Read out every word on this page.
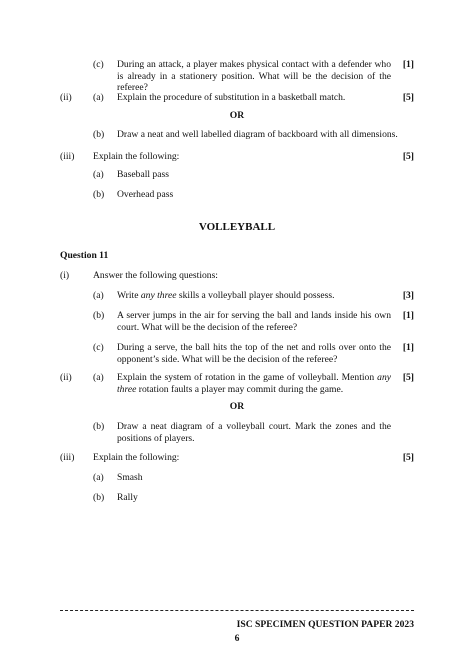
(c) During an attack, a player makes physical contact with a defender who is already in a stationery position. What will be the decision of the referee?
[1]
(ii) (a) Explain the procedure of substitution in a basketball match.	[5]
OR
(b) Draw a neat and well labelled diagram of backboard with all dimensions.
(iii) Explain the following:	[5]
(a) Baseball pass
(b) Overhead pass
VOLLEYBALL
Question 11
(i) Answer the following questions:
(a) Write any three skills a volleyball player should possess.	[3]
(b) A server jumps in the air for serving the ball and lands inside his own court. What will be the decision of the referee?
[1]
(c) During a serve, the ball hits the top of the net and rolls over onto the opponent’s side. What will be the decision of the referee?
[1]
(ii) (a) Explain the system of rotation in the game of volleyball. Mention any three rotation faults a player may commit during the game.
[5]
OR
(b) Draw a neat diagram of a volleyball court. Mark the zones and the positions of players.
(iii) Explain the following:	[5]
(a) Smash
(b) Rally
ISC SPECIMEN QUESTION PAPER 2023
6
